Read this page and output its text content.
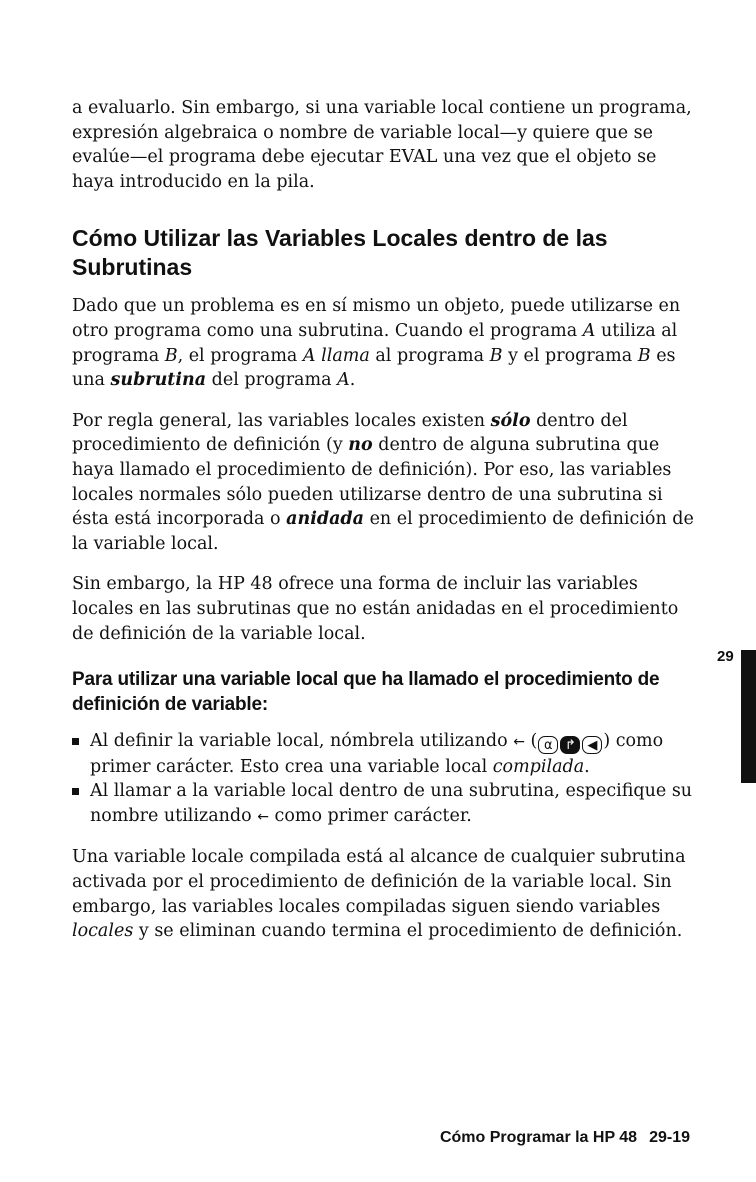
a evaluarlo. Sin embargo, si una variable local contiene un programa, expresión algebraica o nombre de variable local—y quiere que se evalúe—el programa debe ejecutar EVAL una vez que el objeto se haya introducido en la pila.

Cómo Utilizar las Variables Locales dentro de las Subrutinas

Dado que un problema es en sí mismo un objeto, puede utilizarse en otro programa como una subrutina. Cuando el programa A utiliza al programa B, el programa A llama al programa B y el programa B es una subrutina del programa A.

Por regla general, las variables locales existen sólo dentro del procedimiento de definición (y no dentro de alguna subrutina que haya llamado el procedimiento de definición). Por eso, las variables locales normales sólo pueden utilizarse dentro de una subrutina si ésta está incorporada o anidada en el procedimiento de definición de la variable local.

Sin embargo, la HP 48 ofrece una forma de incluir las variables locales en las subrutinas que no están anidadas en el procedimiento de definición de la variable local.

Para utilizar una variable local que ha llamado el procedimiento de definición de variable:
Al definir la variable local, nómbrela utilizando ← ( α ↱ ◀ ) como primer carácter. Esto crea una variable local compilada.
Al llamar a la variable local dentro de una subrutina, especifique su nombre utilizando ← como primer carácter.

Una variable locale compilada está al alcance de cualquier subrutina activada por el procedimiento de definición de la variable local. Sin embargo, las variables locales compiladas siguen siendo variables locales y se eliminan cuando termina el procedimiento de definición.

29
Cómo Programar la HP 48 29-19
